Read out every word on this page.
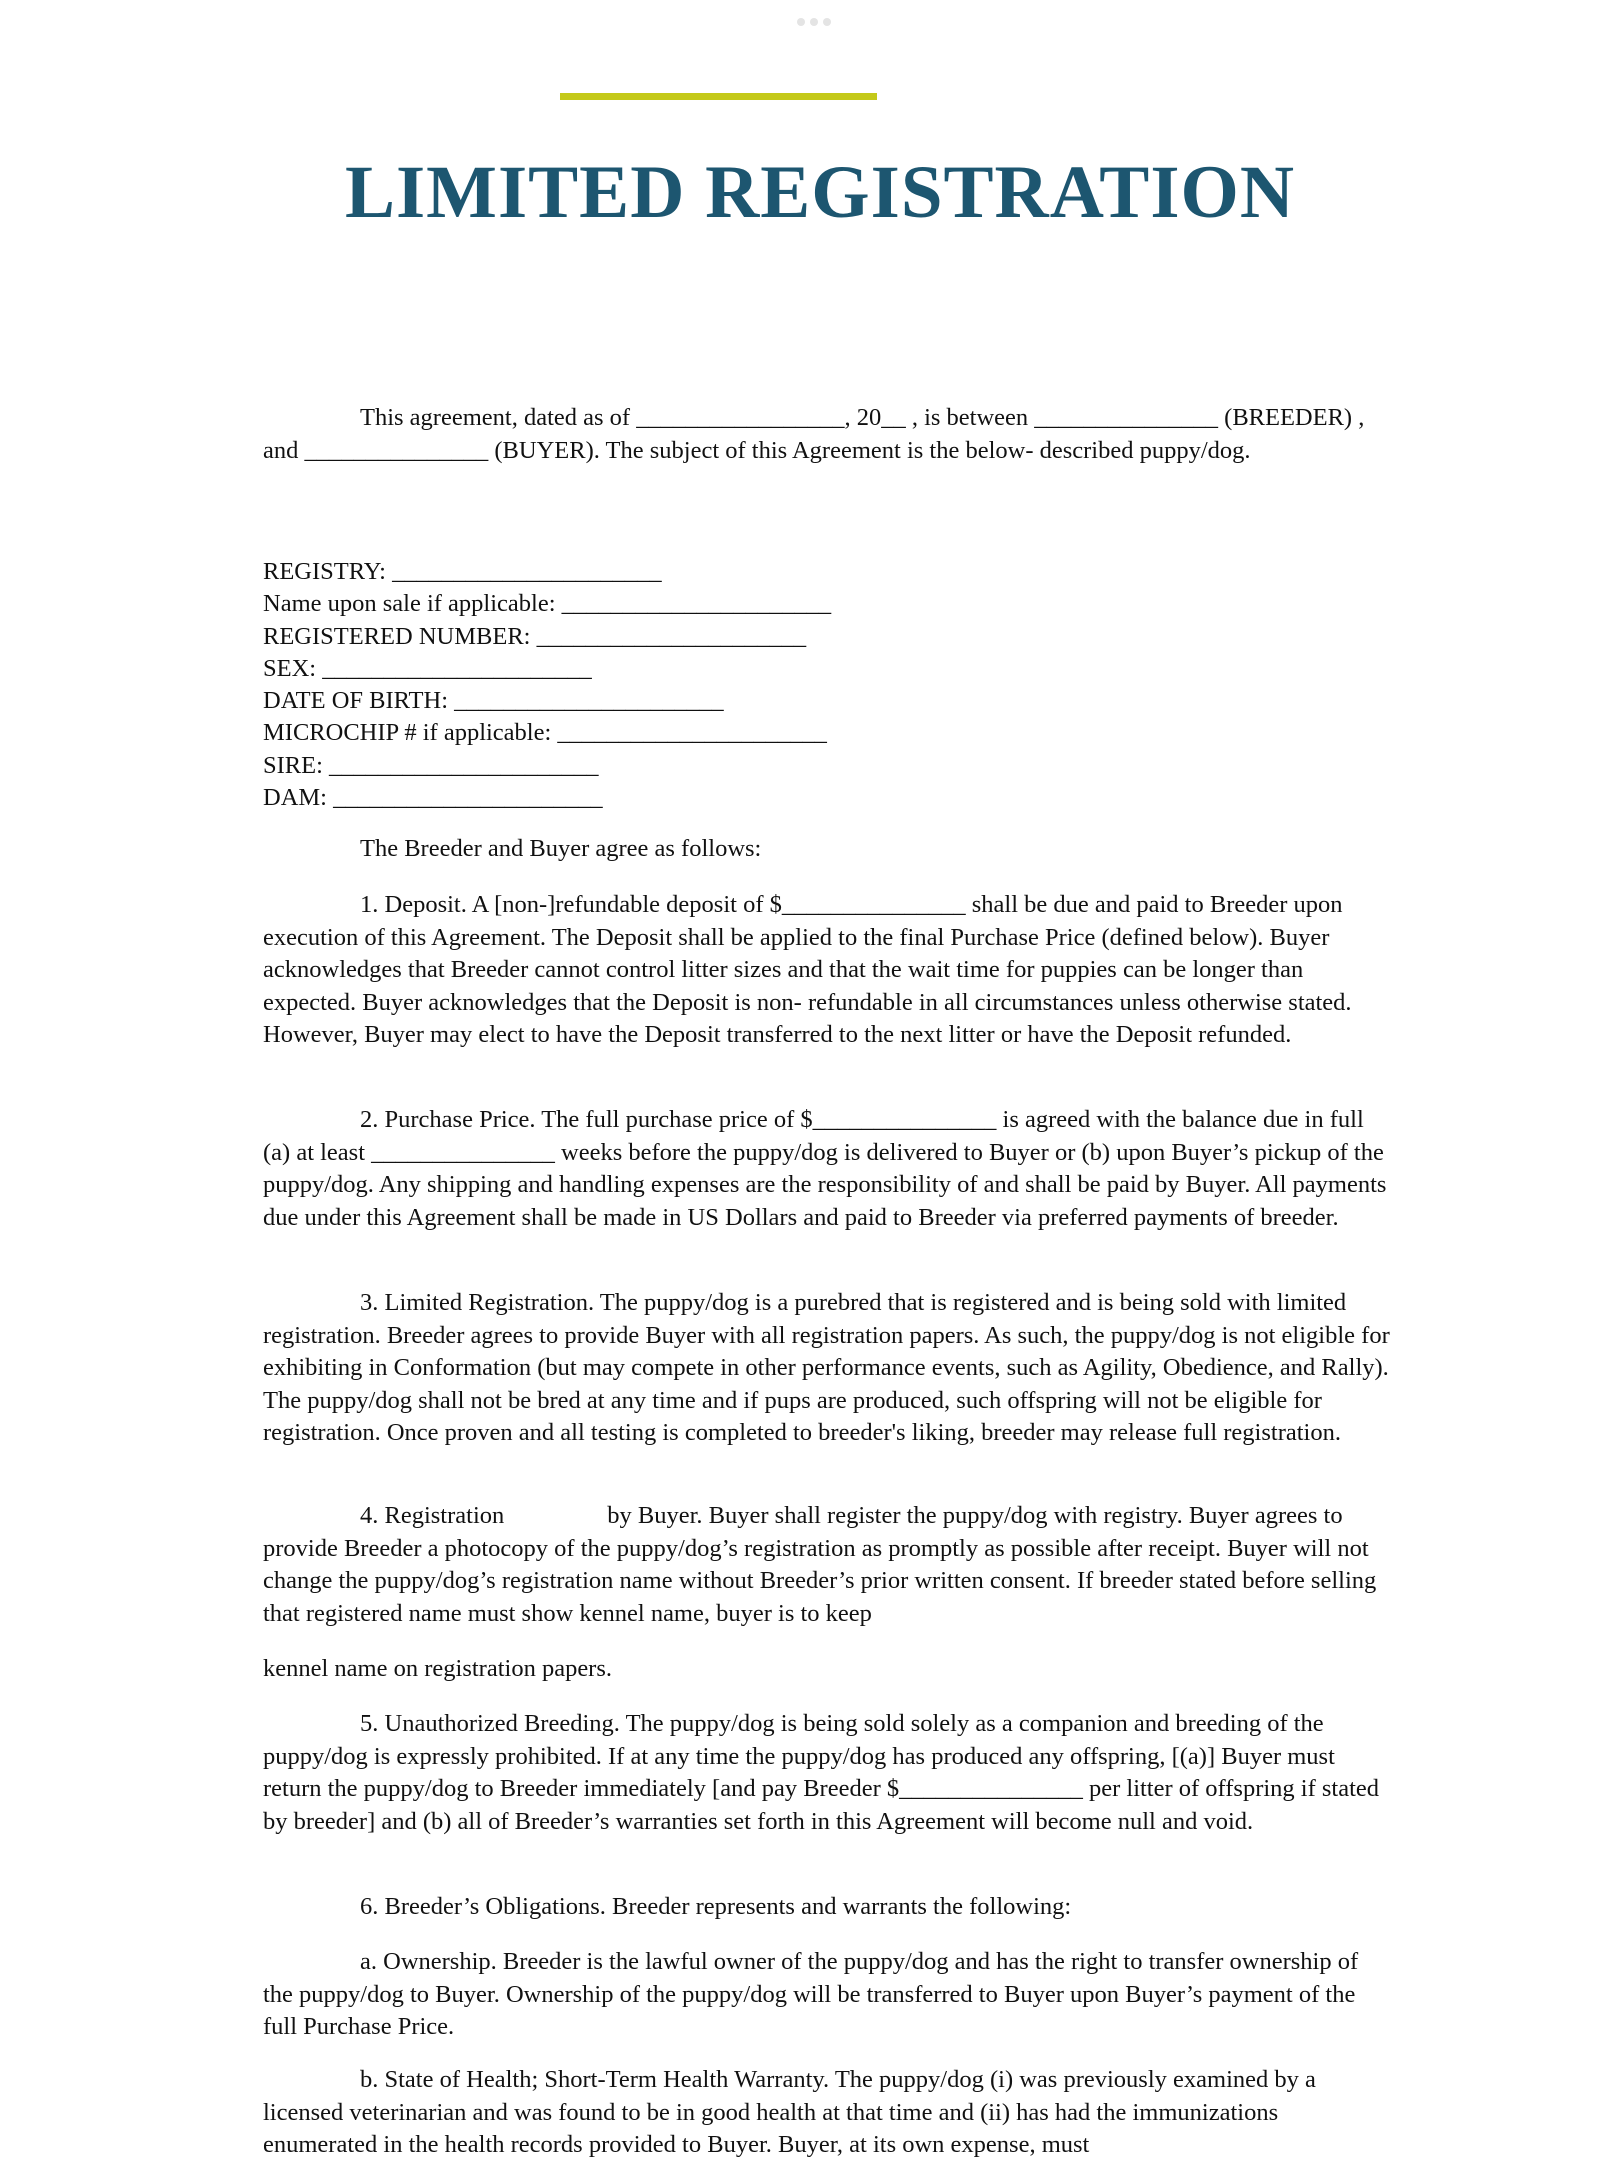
LIMITED REGISTRATION

This agreement, dated as of _________________, 20__ , is between _______________ (BREEDER) , and _______________ (BUYER). The subject of this Agreement is the below- described puppy/dog.

REGISTRY: ______________________

Name upon sale if applicable: ______________________

REGISTERED NUMBER: ______________________

SEX: ______________________

DATE OF BIRTH: ______________________

MICROCHIP # if applicable: ______________________

SIRE: ______________________

DAM: ______________________

The Breeder and Buyer agree as follows:

1. Deposit. A [non-]refundable deposit of $_______________ shall be due and paid to Breeder upon execution of this Agreement. The Deposit shall be applied to the final Purchase Price (defined below). Buyer acknowledges that Breeder cannot control litter sizes and that the wait time for puppies can be longer than expected. Buyer acknowledges that the Deposit is non- refundable in all circumstances unless otherwise stated. However, Buyer may elect to have the Deposit transferred to the next litter or have the Deposit refunded.

2. Purchase Price. The full purchase price of $_______________ is agreed with the balance due in full (a) at least _______________ weeks before the puppy/dog is delivered to Buyer or (b) upon Buyer’s pickup of the puppy/dog. Any shipping and handling expenses are the responsibility of and shall be paid by Buyer. All payments due under this Agreement shall be made in US Dollars and paid to Breeder via preferred payments of breeder.

3. Limited Registration. The puppy/dog is a purebred that is registered and is being sold with limited registration. Breeder agrees to provide Buyer with all registration papers. As such, the puppy/dog is not eligible for exhibiting in Conformation (but may compete in other performance events, such as Agility, Obedience, and Rally). The puppy/dog shall not be bred at any time and if pups are produced, such offspring will not be eligible for registration. Once proven and all testing is completed to breeder's liking, breeder may release full registration.

4. Registration	by Buyer. Buyer shall register the puppy/dog with registry. Buyer agrees to provide Breeder a photocopy of the puppy/dog’s registration as promptly as possible after receipt. Buyer will not change the puppy/dog’s registration name without Breeder’s prior written consent. If breeder stated before selling that registered name must show kennel name, buyer is to keep

kennel name on registration papers.

5. Unauthorized Breeding. The puppy/dog is being sold solely as a companion and breeding of the puppy/dog is expressly prohibited. If at any time the puppy/dog has produced any offspring, [(a)] Buyer must return the puppy/dog to Breeder immediately [and pay Breeder $_______________ per litter of offspring if stated by breeder] and (b) all of Breeder’s warranties set forth in this Agreement will become null and void.

6. Breeder’s Obligations. Breeder represents and warrants the following:

a. Ownership. Breeder is the lawful owner of the puppy/dog and has the right to transfer ownership of the puppy/dog to Buyer. Ownership of the puppy/dog will be transferred to Buyer upon Buyer’s payment of the full Purchase Price.

b. State of Health; Short-Term Health Warranty. The puppy/dog (i) was previously examined by a licensed veterinarian and was found to be in good health at that time and (ii) has had the immunizations enumerated in the health records provided to Buyer. Buyer, at its own expense, must
